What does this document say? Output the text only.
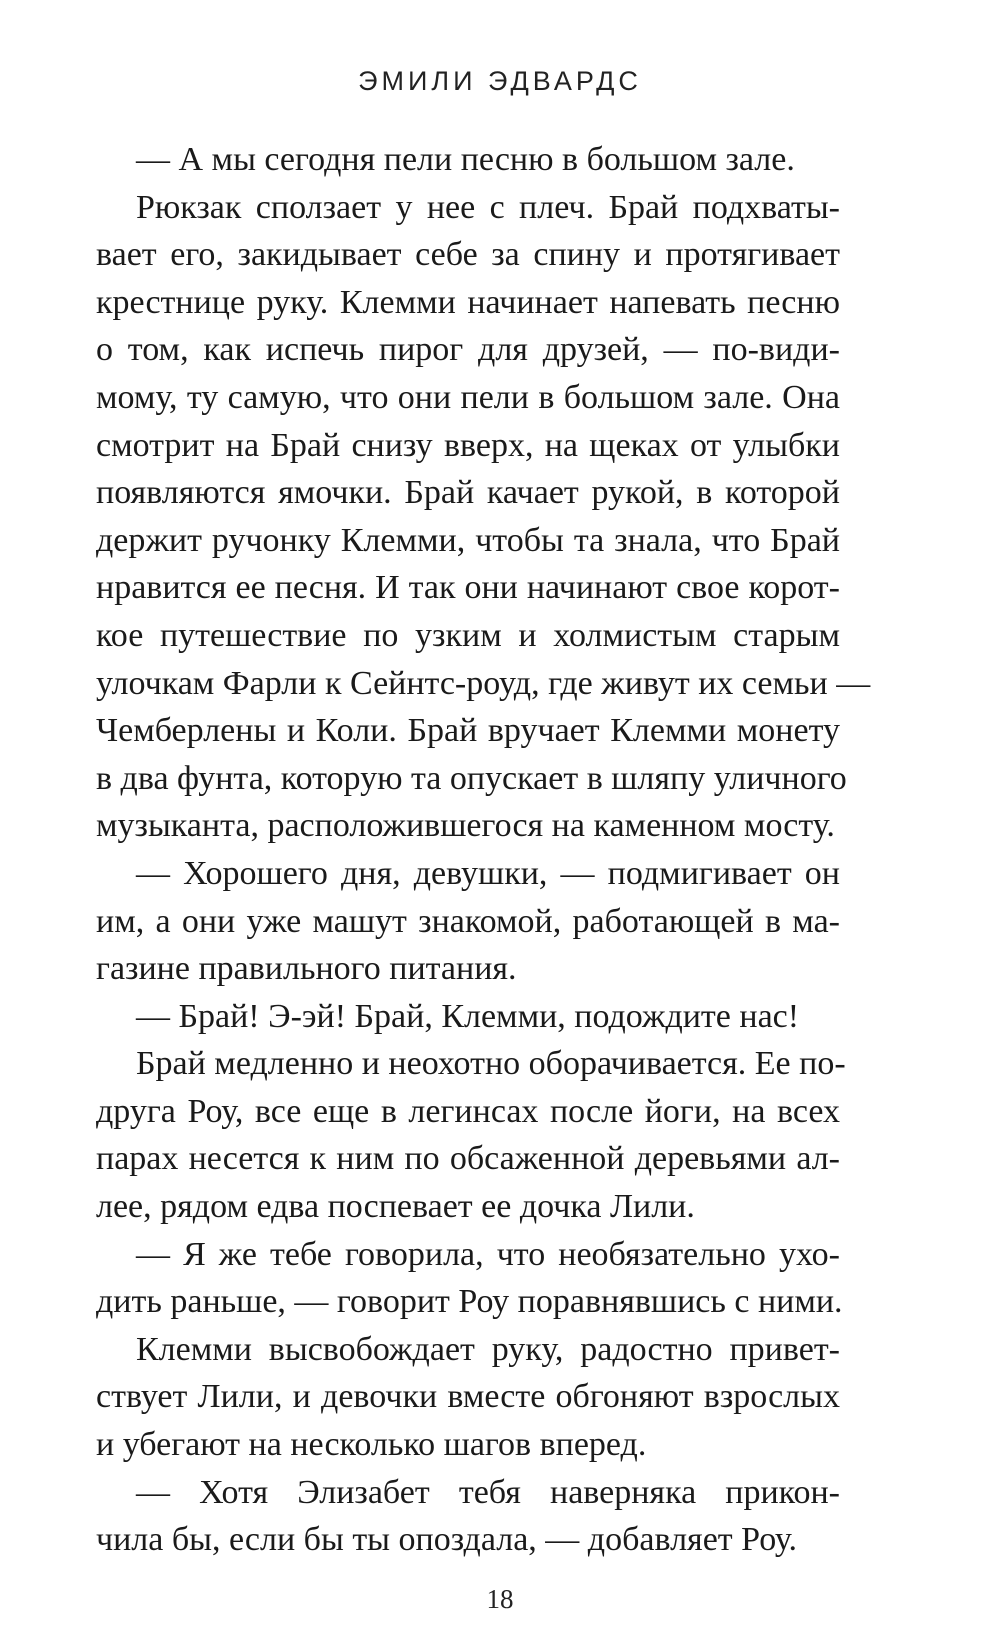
ЭМИЛИ ЭДВАРДС
— А мы сегодня пели песню в большом зале.
Рюкзак сползает у нее с плеч. Брай подхваты-
вает его, закидывает себе за спину и протягивает
крестнице руку. Клемми начинает напевать песню
о том, как испечь пирог для друзей, — по-види-
мому, ту самую, что они пели в большом зале. Она
смотрит на Брай снизу вверх, на щеках от улыбки
появляются ямочки. Брай качает рукой, в которой
держит ручонку Клемми, чтобы та знала, что Брай
нравится ее песня. И так они начинают свое корот-
кое путешествие по узким и холмистым старым
улочкам Фарли к Сейнтс-роуд, где живут их семьи —
Чемберлены и Коли. Брай вручает Клемми монету
в два фунта, которую та опускает в шляпу уличного
музыканта, расположившегося на каменном мосту.
— Хорошего дня, девушки, — подмигивает он
им, а они уже машут знакомой, работающей в ма-
газине правильного питания.
— Брай! Э-эй! Брай, Клемми, подождите нас!
Брай медленно и неохотно оборачивается. Ее по-
друга Роу, все еще в легинсах после йоги, на всех
парах несется к ним по обсаженной деревьями ал-
лее, рядом едва поспевает ее дочка Лили.
— Я же тебе говорила, что необязательно ухо-
дить раньше, — говорит Роу поравнявшись с ними.
Клемми высвобождает руку, радостно привет-
ствует Лили, и девочки вместе обгоняют взрослых
и убегают на несколько шагов вперед.
— Хотя Элизабет тебя наверняка прикон-
чила бы, если бы ты опоздала, — добавляет Роу.
18
